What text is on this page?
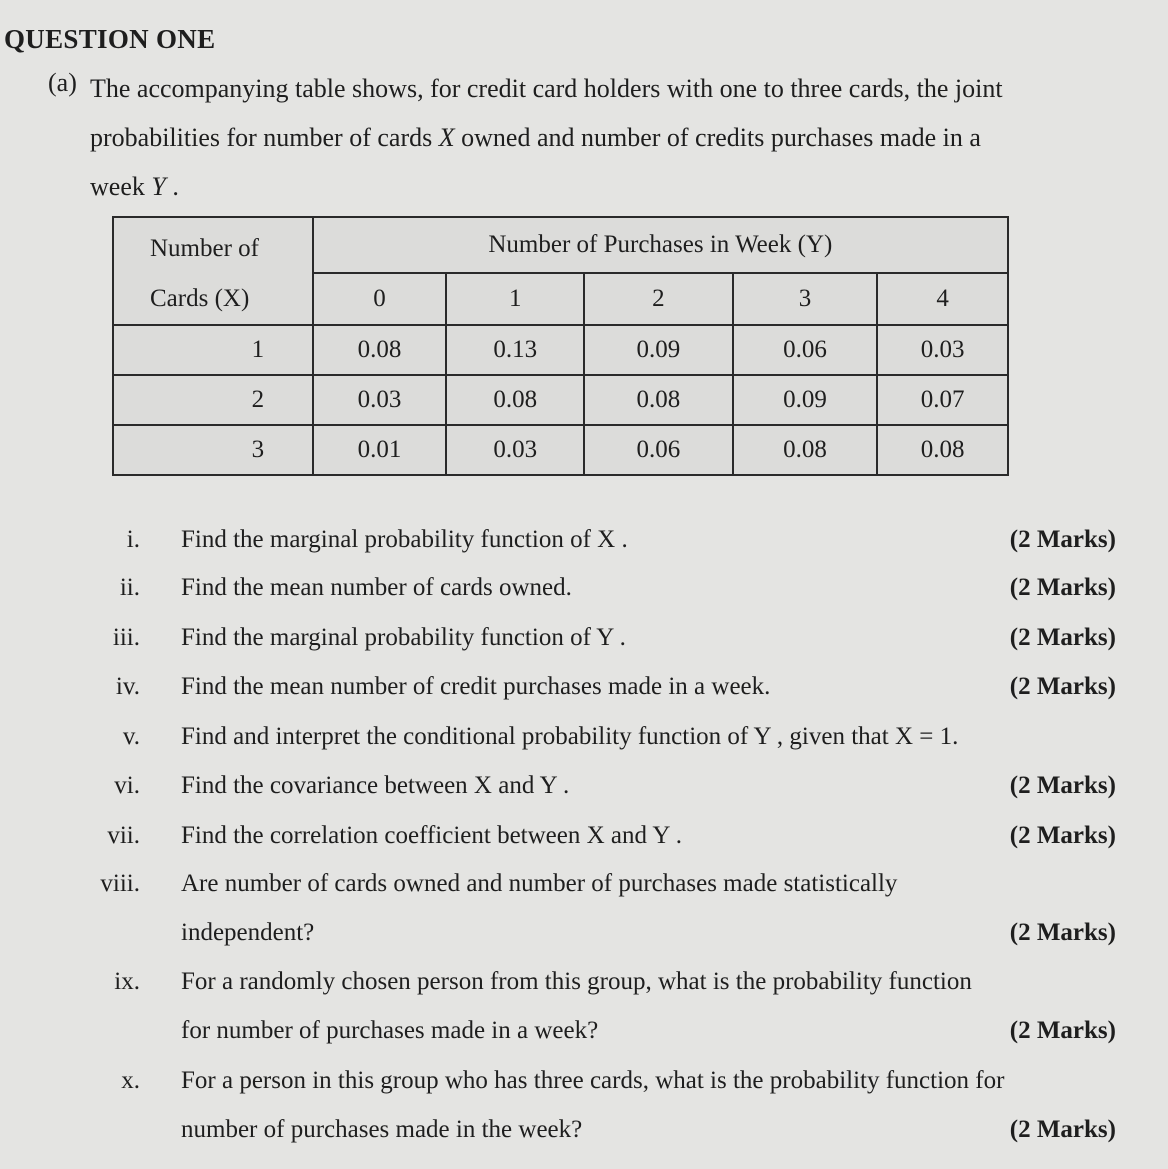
QUESTION ONE
(a) The accompanying table shows, for credit card holders with one to three cards, the joint
probabilities for number of cards X owned and number of credits purchases made in a
week Y .
Number of
Cards (X)	Number of Purchases in Week (Y)				
	0	1	2	3	4
1	0.08	0.13	0.09	0.06	0.03
2	0.03	0.08	0.08	0.09	0.07
3	0.01	0.03	0.06	0.08	0.08
i. Find the marginal probability function of X .	(2 Marks)
ii. Find the mean number of cards owned.	(2 Marks)
iii. Find the marginal probability function of Y .	(2 Marks)
iv. Find the mean number of credit purchases made in a week.	(2 Marks)
v. Find and interpret the conditional probability function of Y , given that X = 1.
vi. Find the covariance between X and Y .	(2 Marks)
vii. Find the correlation coefficient between X and Y .	(2 Marks)
viii. Are number of cards owned and number of purchases made statistically
independent?	(2 Marks)
ix. For a randomly chosen person from this group, what is the probability function
for number of purchases made in a week?	(2 Marks)
x. For a person in this group who has three cards, what is the probability function for
number of purchases made in the week?	(2 Marks)
